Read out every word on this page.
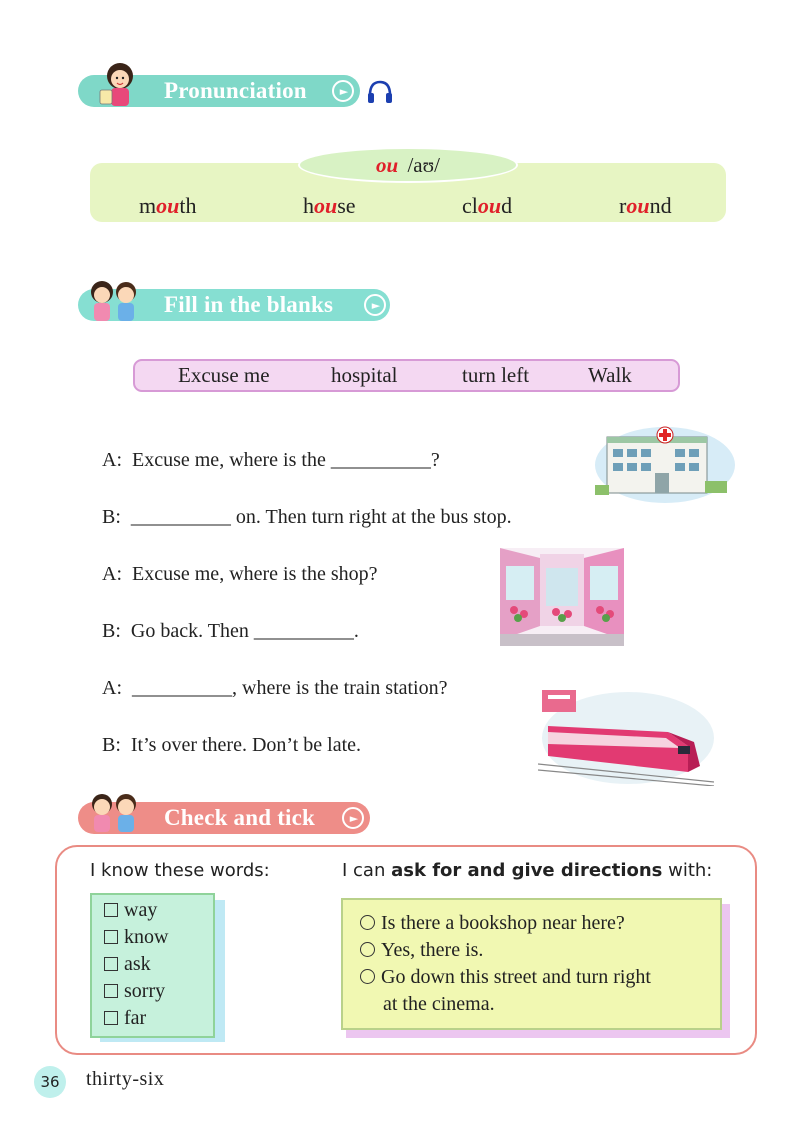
Pronunciation	►
ou /aʊ/
mouth	house	cloud	round
Fill in the blanks	►
Excuse me	hospital	turn left	Walk
A:  Excuse me, where is the __________?
B:  __________ on. Then turn right at the bus stop.
A:  Excuse me, where is the shop?
B:  Go back. Then __________.
A:  __________, where is the train station?
B:  It’s over there. Don’t be late.
Check and tick	►
I know these words:	I can ask for and give directions with:
way
know
ask
sorry
far
Is there a bookshop near here?
Yes, there is.
Go down this street and turn right
at the cinema.
36	thirty-six
